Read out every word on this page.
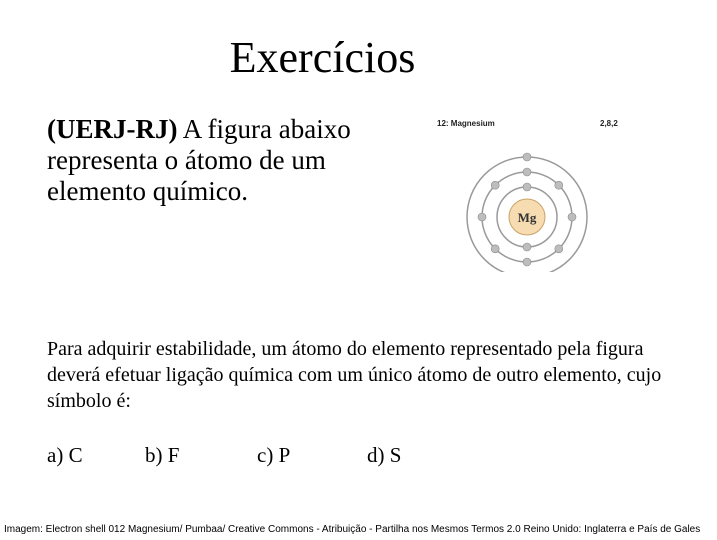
Exercícios
(UERJ-RJ) A figura abaixo representa o átomo de um elemento químico.
12: Magnesium	2,8,2
Mg
Para adquirir estabilidade, um átomo do elemento representado pela figura deverá efetuar ligação química com um único átomo de outro elemento, cujo símbolo é:
a) C	b) F	c) P	d) S
Imagem: Electron shell 012 Magnesium/ Pumbaa/ Creative Commons - Atribuição - Partilha nos Mesmos Termos 2.0 Reino Unido: Inglaterra e País de Gales
